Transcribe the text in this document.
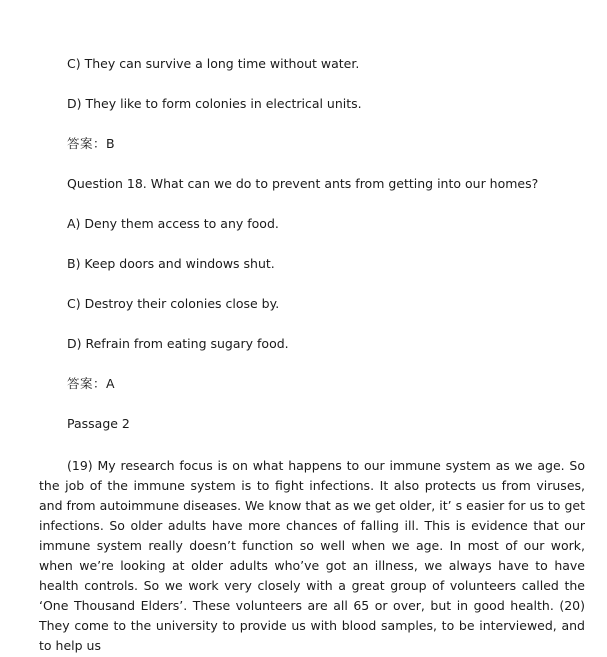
C) They can survive a long time without water.
D) They like to form colonies in electrical units.
答案：B
Question 18. What can we do to prevent ants from getting into our homes?
A) Deny them access to any food.
B) Keep doors and windows shut.
C) Destroy their colonies close by.
D) Refrain from eating sugary food.
答案：A
Passage 2

(19) My research focus is on what happens to our immune system as we age. So the job of the immune system is to fight infections. It also protects us from viruses, and from autoimmune diseases. We know that as we get older, it’ s easier for us to get infections. So older adults have more chances of falling ill. This is evidence that our immune system really doesn’t function so well when we age. In most of our work, when we’re looking at older adults who’ve got an illness, we always have to have health controls. So we work very closely with a great group of volunteers called the ‘One Thousand Elders’. These volunteers are all 65 or over, but in good health. (20) They come to the university to provide us with blood samples, to be interviewed, and to help us
